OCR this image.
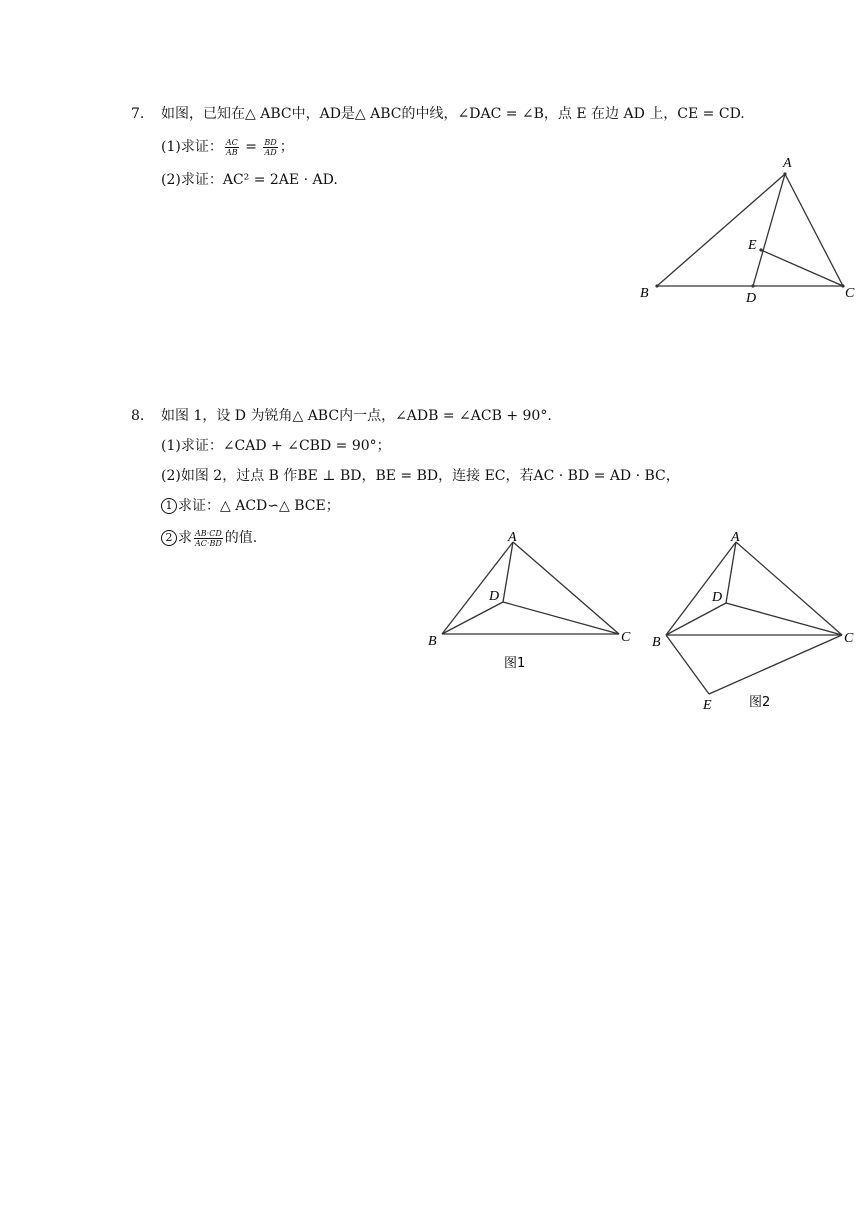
7. 如图，已知在△ ABC中，AD是△ ABC的中线，∠DAC = ∠B，点 E 在边 AD 上，CE = CD.
(1)求证： $\frac{AC}{AB} = \frac{BD}{AD}$ ；
(2)求证：AC² = 2AE · AD.
A
B	C
D
E
8. 如图 1，设 D 为锐角△ ABC内一点，∠ADB = ∠ACB + 90°.
(1)求证：∠CAD + ∠CBD = 90°；
(2)如图 2，过点 B 作BE ⊥ BD，BE = BD，连接 EC，若AC · BD = AD · BC，
1 求证：△ ACD∽△ BCE；
2 求 $\frac{AB\cdot CD}{AC\cdot BD}$ 的值.	A
B	C
D
图1
A
B	C
D
E	图2
